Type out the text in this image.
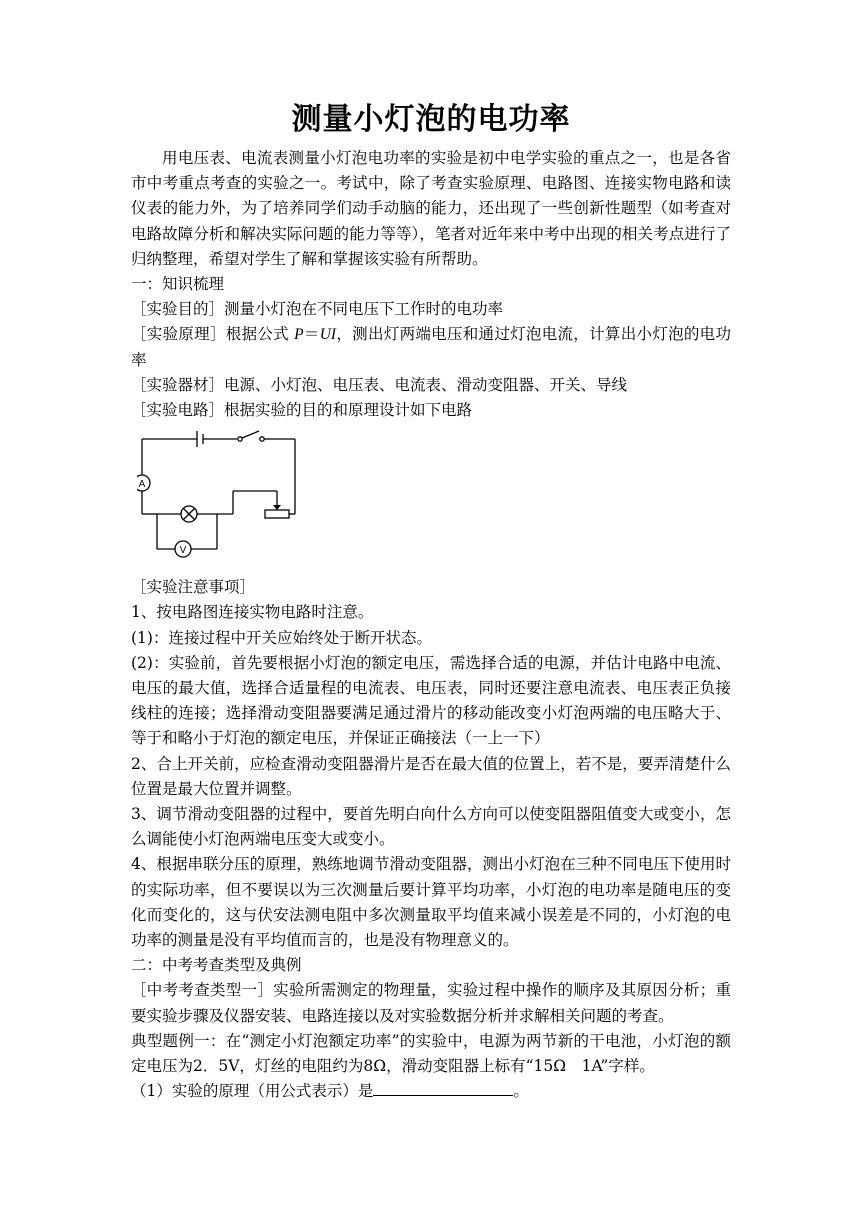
测量小灯泡的电功率

用电压表、电流表测量小灯泡电功率的实验是初中电学实验的重点之一，也是各省市中考重点考查的实验之一。考试中，除了考查实验原理、电路图、连接实物电路和读仪表的能力外，为了培养同学们动手动脑的能力，还出现了一些创新性题型（如考查对电路故障分析和解决实际问题的能力等等），笔者对近年来中考中出现的相关考点进行了归纳整理，希望对学生了解和掌握该实验有所帮助。

一：知识梳理

［实验目的］测量小灯泡在不同电压下工作时的电功率

［实验原理］根据公式 P＝UI，测出灯两端电压和通过灯泡电流，计算出小灯泡的电功率

［实验器材］电源、小灯泡、电压表、电流表、滑动变阻器、开关、导线

［实验电路］根据实验的目的和原理设计如下电路

A
V

［实验注意事项］

1、按电路图连接实物电路时注意。

(1)：连接过程中开关应始终处于断开状态。

(2)：实验前，首先要根据小灯泡的额定电压，需选择合适的电源，并估计电路中电流、电压的最大值，选择合适量程的电流表、电压表，同时还要注意电流表、电压表正负接线柱的连接；选择滑动变阻器要满足通过滑片的移动能改变小灯泡两端的电压略大于、等于和略小于灯泡的额定电压，并保证正确接法（一上一下）

2、合上开关前，应检查滑动变阻器滑片是否在最大值的位置上，若不是，要弄清楚什么位置是最大位置并调整。

3、调节滑动变阻器的过程中，要首先明白向什么方向可以使变阻器阻值变大或变小，怎么调能使小灯泡两端电压变大或变小。

4、根据串联分压的原理，熟练地调节滑动变阻器，测出小灯泡在三种不同电压下使用时的实际功率，但不要误以为三次测量后要计算平均功率，小灯泡的电功率是随电压的变化而变化的，这与伏安法测电阻中多次测量取平均值来减小误差是不同的，小灯泡的电功率的测量是没有平均值而言的，也是没有物理意义的。

二：中考考查类型及典例

［中考考查类型一］实验所需测定的物理量，实验过程中操作的顺序及其原因分析；重要实验步骤及仪器安装、电路连接以及对实验数据分析并求解相关问题的考查。

典型题例一：在“测定小灯泡额定功率”的实验中，电源为两节新的干电池，小灯泡的额定电压为2．5V，灯丝的电阻约为8Ω，滑动变阻器上标有“15Ω　1A”字样。

（1）实验的原理（用公式表示）是	。
